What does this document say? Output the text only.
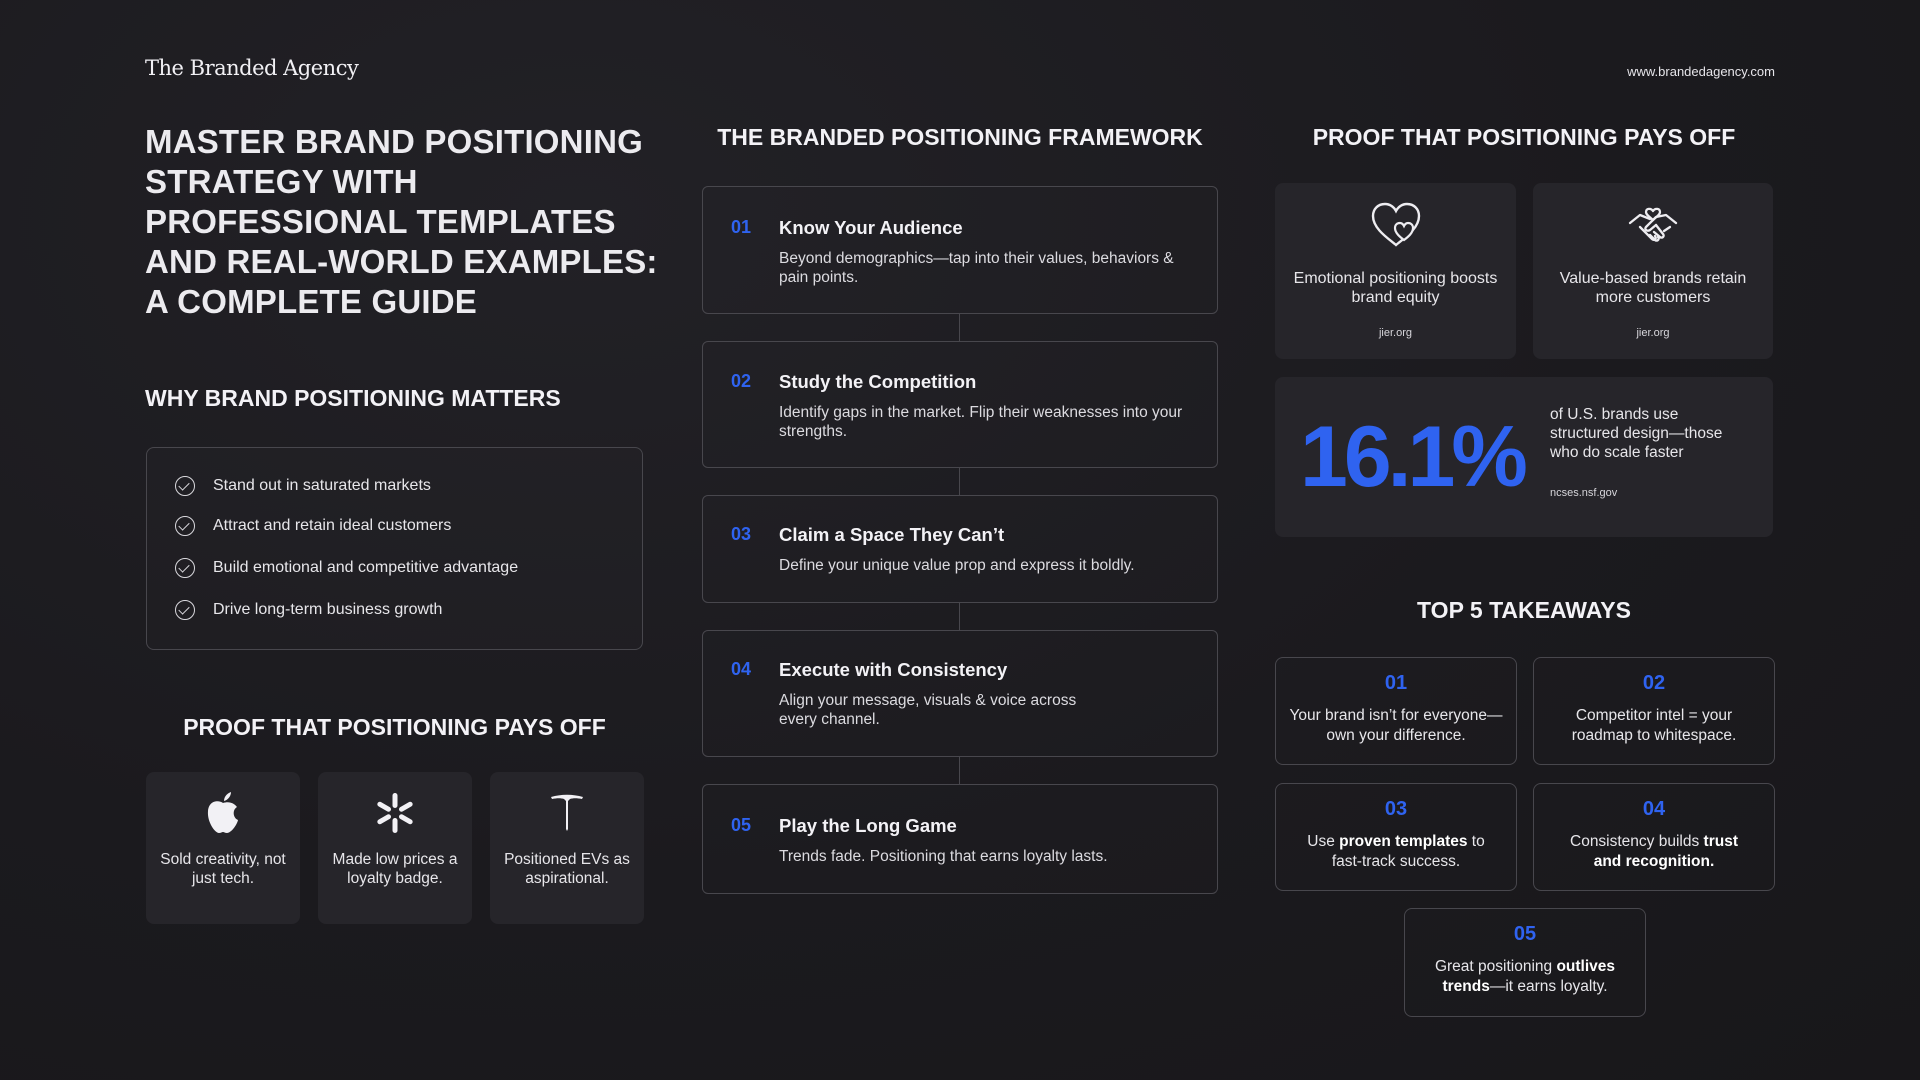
The Branded Agency	www.brandedagency.com
MASTER BRAND POSITIONING STRATEGY WITH PROFESSIONAL TEMPLATES AND REAL-WORLD EXAMPLES: A COMPLETE GUIDE
WHY BRAND POSITIONING MATTERS
Stand out in saturated markets
Attract and retain ideal customers
Build emotional and competitive advantage
Drive long-term business growth
PROOF THAT POSITIONING PAYS OFF
Sold creativity, not just tech.
Made low prices a loyalty badge.
Positioned EVs as aspirational.
THE BRANDED POSITIONING FRAMEWORK
01 Know Your Audience
Beyond demographics—tap into their values, behaviors & pain points.
02 Study the Competition
Identify gaps in the market. Flip their weaknesses into your strengths.
03 Claim a Space They Can’t
Define your unique value prop and express it boldly.
04 Execute with Consistency
Align your message, visuals & voice across every channel.
05 Play the Long Game
Trends fade. Positioning that earns loyalty lasts.
PROOF THAT POSITIONING PAYS OFF
Emotional positioning boosts brand equity
jier.org
Value-based brands retain more customers
jier.org
16.1% of U.S. brands use structured design—those who do scale faster
ncses.nsf.gov
TOP 5 TAKEAWAYS
01
Your brand isn’t for everyone—own your difference.
02
Competitor intel = your roadmap to whitespace.
03
Use proven templates to fast-track success.
04
Consistency builds trust and recognition.
05
Great positioning outlives trends—it earns loyalty.
